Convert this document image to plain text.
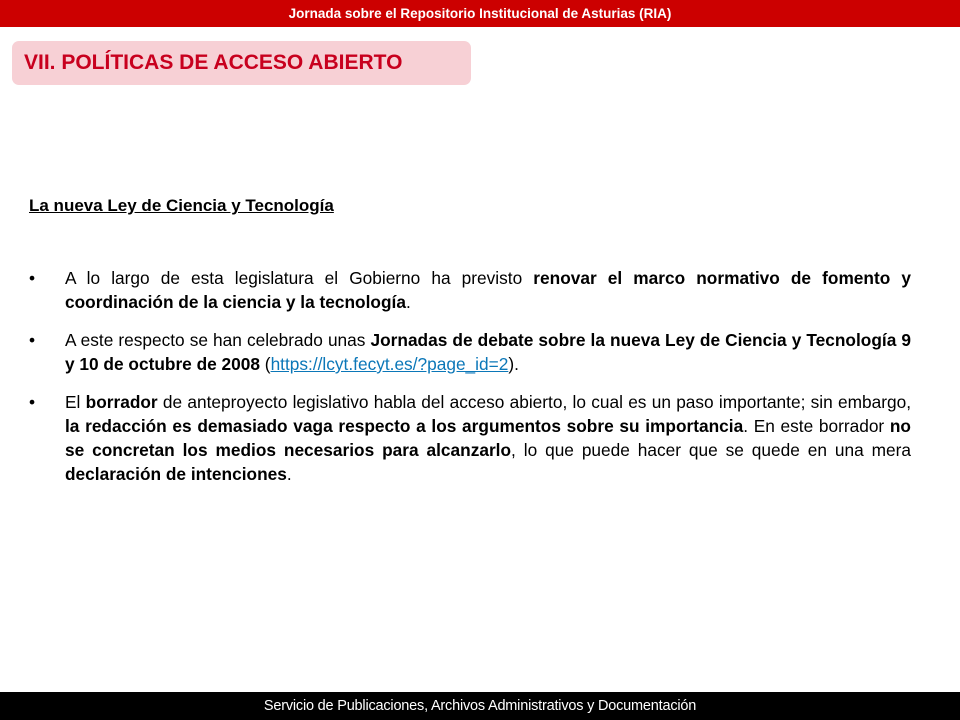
Jornada sobre el Repositorio Institucional de Asturias (RIA)
VII. POLÍTICAS DE ACCESO ABIERTO
La nueva Ley de Ciencia y Tecnología
• A lo largo de esta legislatura el Gobierno ha previsto renovar el marco normativo de fomento y coordinación de la ciencia y la tecnología.
• A este respecto se han celebrado unas Jornadas de debate sobre la nueva Ley de Ciencia y Tecnología 9 y 10 de octubre de 2008 (https://lcyt.fecyt.es/?page_id=2).
• El borrador de anteproyecto legislativo habla del acceso abierto, lo cual es un paso importante; sin embargo, la redacción es demasiado vaga respecto a los argumentos sobre su importancia. En este borrador no se concretan los medios necesarios para alcanzarlo, lo que puede hacer que se quede en una mera declaración de intenciones.
Servicio de Publicaciones, Archivos Administrativos y Documentación
